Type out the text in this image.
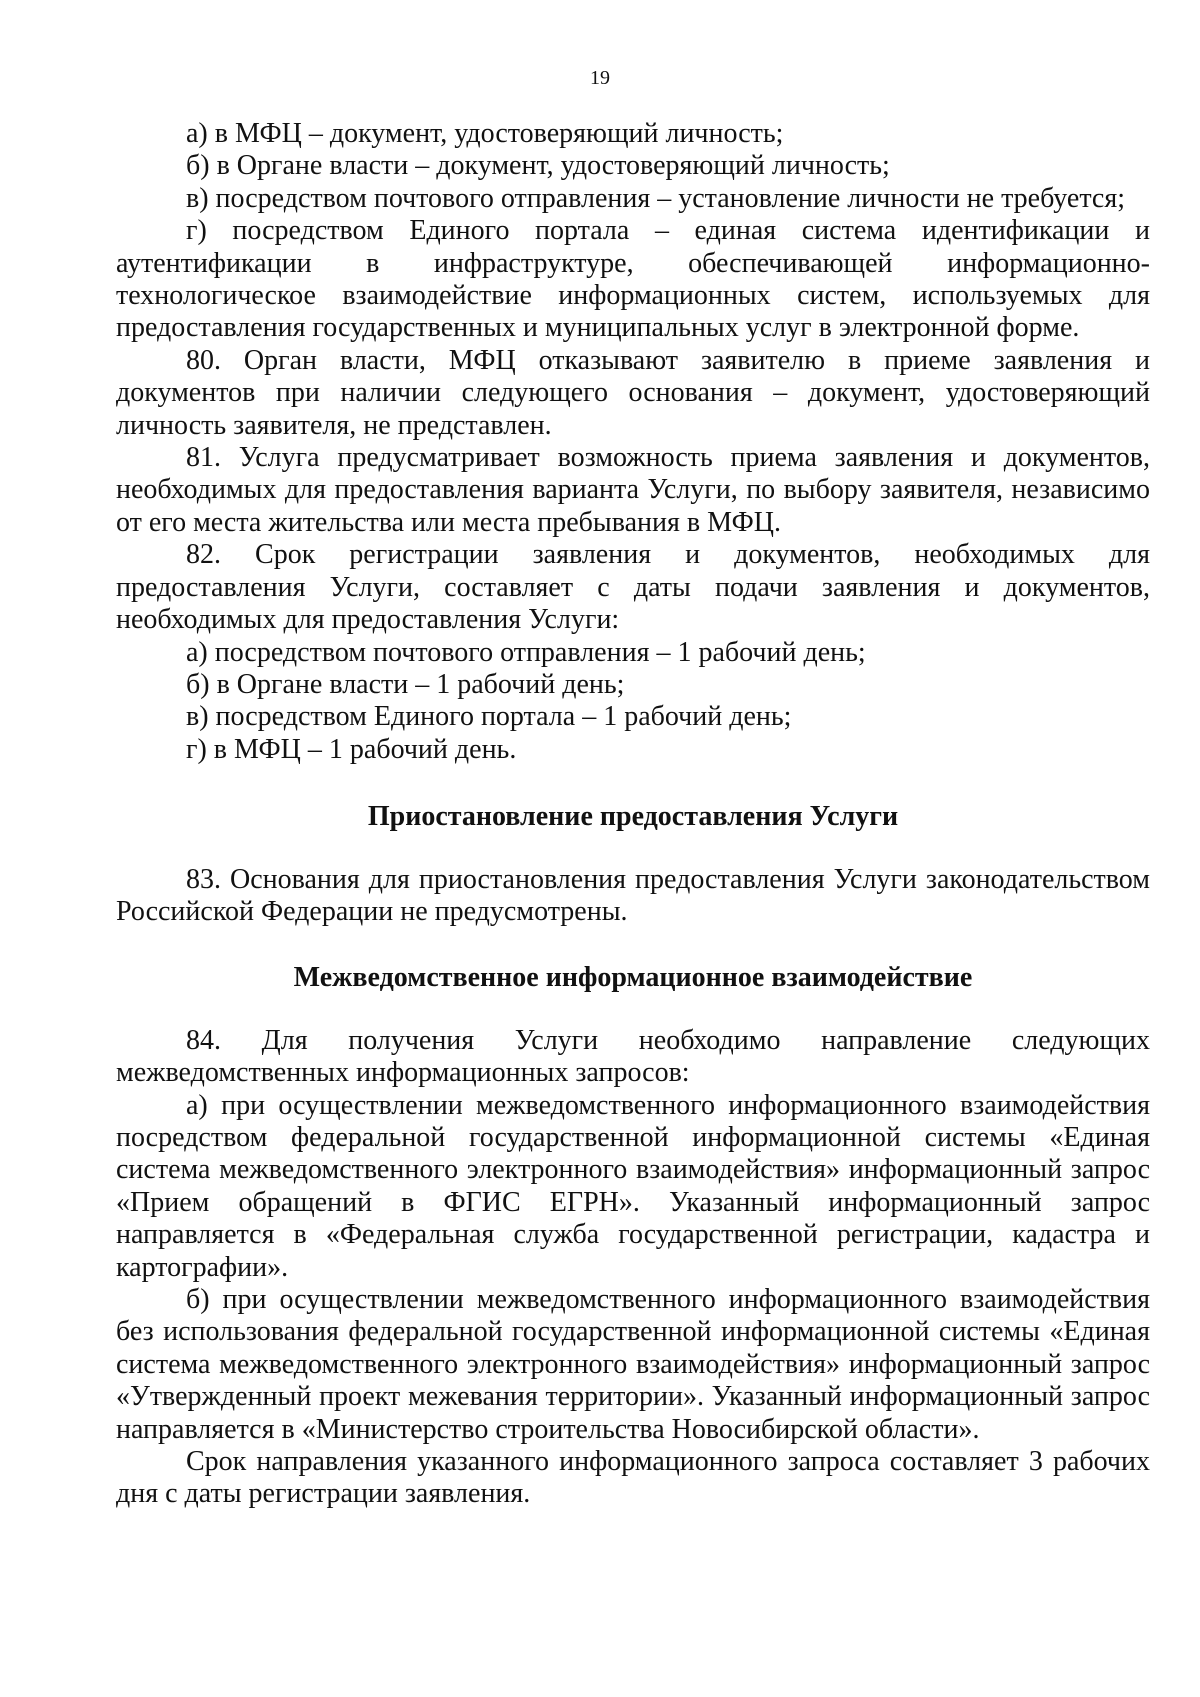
19

а) в МФЦ – документ, удостоверяющий личность;

б) в Органе власти – документ, удостоверяющий личность;

в) посредством почтового отправления – установление личности не требуется;

г) посредством Единого портала – единая система идентификации и аутентификации в инфраструктуре, обеспечивающей информационно-технологическое взаимодействие информационных систем, используемых для предоставления государственных и муниципальных услуг в электронной форме.

80. Орган власти, МФЦ отказывают заявителю в приеме заявления и документов при наличии следующего основания – документ, удостоверяющий личность заявителя, не представлен.

81. Услуга предусматривает возможность приема заявления и документов, необходимых для предоставления варианта Услуги, по выбору заявителя, независимо от его места жительства или места пребывания в МФЦ.

82. Срок регистрации заявления и документов, необходимых для предоставления Услуги, составляет с даты подачи заявления и документов, необходимых для предоставления Услуги:

а) посредством почтового отправления – 1 рабочий день;

б) в Органе власти – 1 рабочий день;

в) посредством Единого портала – 1 рабочий день;

г) в МФЦ – 1 рабочий день.

Приостановление предоставления Услуги

83. Основания для приостановления предоставления Услуги законодательством Российской Федерации не предусмотрены.

Межведомственное информационное взаимодействие

84. Для получения Услуги необходимо направление следующих межведомственных информационных запросов:

а) при осуществлении межведомственного информационного взаимодействия посредством федеральной государственной информационной системы «Единая система межведомственного электронного взаимодействия» информационный запрос «Прием обращений в ФГИС ЕГРН». Указанный информационный запрос направляется в «Федеральная служба государственной регистрации, кадастра и картографии».

б) при осуществлении межведомственного информационного взаимодействия без использования федеральной государственной информационной системы «Единая система межведомственного электронного взаимодействия» информационный запрос «Утвержденный проект межевания территории». Указанный информационный запрос направляется в «Министерство строительства Новосибирской области».

Срок направления указанного информационного запроса составляет 3 рабочих дня с даты регистрации заявления.
